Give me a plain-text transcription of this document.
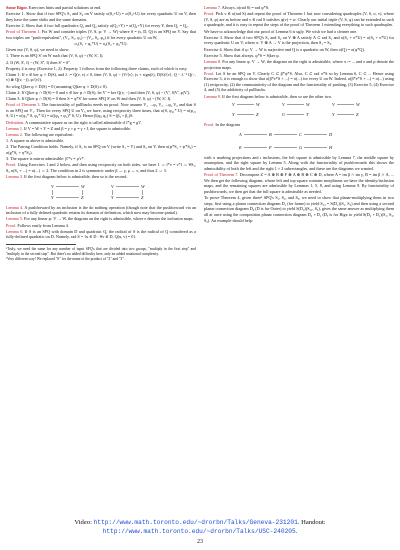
Some Rigor. Exercises hints and partial solutions at end.
Exercise 1. Show that if two SPQ's S₁ and S₂ on V satisfy σ(S₁+U) = σ(S₂+U) for every quadratic U on V, then they have the same shifts and the same domains.
Exercise 2. Show that if two full quadratics Q₁ and Q₂ satisfy σ(Q₁+Y) = σ(Q₂+Y) for every Y, then Q₁ = Q₂.
Proof of Theorem 1. Fix W and consider triples (V, S, φ: V → W) where S = (s, D, Q) is an SPQ on V. Say that two triples are "push-equivalent", (V₁, S₁, φ₁) ~ (V₂, S₂, φ₂) if for every quadratic U on W,
σ₁(S₁ + φ₁*U) = σ₂(S₂ + φ₂*U).
Given our (V, S, φ), we need to show:
1. There is an SPQ S' on W such that (V, S, φ) ~ (W, S', I).
2. If (W, S', I) ~ (W, S'', I) then S' = S''.
Property 2 is easy (Exercise 1, 2). Property 1 follows from the following three claims, each of which is easy.
Claim 1: If v ∈ ker φ ∩ D(S), and λ := Q(v, v) ≠ 0, then (V, S, φ) ~ (V/⟨v⟩, (s + sign(λ), D(S)/⟨v⟩, Q − λ⁻¹ Q(−, v) ⊗ Q(v, −)), φ/⟨v⟩).
So wlog Q|ker φ ∩ D(S) = 0 (assuming Q|ker φ ∩ D(S) ≠ 0).
Claim 2: If Q|ker φ ∩ D(S) = 0 and v ∈ ker φ ∩ D(S), let V' = ker Q(v, −) and then (V, S, φ) ~ (V', S|V', φ|V').
Claim 3: If Q|ker φ ∩ D(S) = 0 then S = φ*S' for some SPQ S' on W and then (V, S, φ) ~ (W, S', I).
Proof of Theorem 3. The functoriality of pullbacks needs no proof. Now assume V₁ →φ₁ V₂ →φ₂ V₃ and that S is an SPQ on V₁. Then for every SPQ U on V₃ we have, using reciprocity three times, that σ(S, φ₂₁* U) = σ(φ₂₁ S, U) = σ(φ₁* S, φ₂* U) = σ((φ₂ ∘ φ₁)* S, U). Hence β(φ₂ φ₁) S = (β₂ ∘ β₁)S.
Definition. A commutative square as on the right is called admissible if f*g = g'f'.
Lemma 1. If V = W + Y = Z and β = γ ∘ μ = γ ∘ I, the square is admissible.
Lemma 2. The following are equivalent:
1. A square as above is admissible.
2. The Pairing Condition holds. Namely, if S₁ is an SPQ on V (write S₁ = V) and S₂ on Y, then σ(φ*S₁ + ψ*S₂) = σ(g*S₁ + η*S₂).
3. The square is mirror admissible: β'*ν = μ'ν*.
Proof. Using Exercises 1 and 2 below, and then using reciprocity on both sides, we have 1 ⇔ f*ν = ν*f ⇔ ∀S₁, S₂ σ(S₁ + ...) = σ(...) ⇔ 2. The condition in 2 is symmetric under β ↔ γ, μ ↔ ν, and thus 2 ⇔ 3.
Lemma 3. If the first diagram below is admissible, then so is the second.
V	W
Y	Z
V	W
Y	Z
Lemma 4. A pushforward by an inclusion is the do nothing operation (though note that the pushforward via an inclusion of a fully defined quadratic retains its domain of definition, which now may become partial).
Lemma 5. For any linear φ: V → W, the diagram on the right is admissible, where e denotes the inclusion maps.
Proof. Follows easily from Lemma 4.
Lemma 6. If S is an SPQ with domain D and quadratic Q, the radical of S is the radical of Q considered as a fully-defined quadratic on D. Namely, rad S = {u ∈ D : ∀v ∈ D, Q(u, v) = 0}.
¹Truly, we need the same for any number of input SPQ's that are divided into two groups, "multiply in the first step" and "multiply in the second step". But there's no added difficulty here, only an added notational complexity.
²Very different way! We replaced "6" for the name of the product of "2" and "3".
Lemma 7. Always, σ(rad S) = rad φ*S.
Proof. Pick v ∈ σ(rad S) and repeat the proof of Theorem 1 but now considering quadruples (V, S, σ, v), where (V, S, φ) are as before and v ∈ rad S satisfies φ(v) = w. Clearly our initial triple (V, S, φ) can be extended to such a quadruple, and it is easy to repeat the steps of the proof of Theorem 1 extending everything to such quadruples.
We have to acknowledge that our proof of Lemma 6 is ugly. We wish we had a cleaner one.
Exercise 3. Show that if two SPQ's S₁ and S₂ on V ⊕ A satisfy A ⊂ rad S₁ and σ(S₁ + π*U) = σ(S₂ + π*U) for every quadratic U on V, where π: V ⊕ A → V is the projection, then S₁ = S₂.
Exercise 4. Show that if φ: V → W is surjective and Q is a quadratic on W, then σ(Q) = σ(φ*Q).
Exercise 5. Show that always, φ*S = S|ker φ.
Lemma 8. For any linear φ: V → W, the diagram on the right is admissible, where π := ... and e and p denote the projection maps.
Proof. Let S be an SPQ on V. Clearly C ⊂ β*ψ*S. Also, C ⊂ rad π*S so by Lemma 6, C ⊂ ... Hence using Exercise 3, it is enough to show that σ(β*e*S + ...) = σ(...) for every U on W. Indeed, σ(β*e*S + ...) = σ(...) using (1) reciprocity, (2) the commutativity of the diagram and the functoriality of pushing, (3) Exercise 5, (4) Exercise 4, and (5) the additivity of pullbacks.
Lemma 9. If the first diagram below is admissible, then so are the other two.
V	W
Y	Z
V	W
U	T
V	W
Y	Z
Proof. In the diagram
A	B	C	D
E	F	G	H
with π marking projections and ι inclusions, the left square is admissible by Lemma 7, the middle square by assumption, and the right square by Lemma 5. Along with the functoriality of pushforwards this shows the admissibility of both the left and the right 1 × 2 subrectangles, and these are the diagrams we wanted.
Proof of Theorem 7. Decompose Z = A ⊕ B ⊕ F ⊕ A ⊕ B ⊕ C ⊕ D, where A = im β ∩ im γ, B = im β ∩ A, ... We then get the following diagram, whose left and top square contains morphisms we have the identity/inclusion maps, and the remaining squares are admissible by Lemmas 1, 5, 8, and using Lemma 9. By functoriality of pushforwards, we then get that the full square is admissible as needed.
To prove Theorem 4, given three¹ SPQ's S₁, S₂, and S₃, we need to show that planar-multiplying them in two steps, first using a planar connection diagram D₁ (for home) to yield S₁₂ = S(D₁)(S₁, S₂) and then using a second planar connection diagram D₂ (D is for Outer) to yield S(D₂)(S₁₂, S₃), gives the same answer as multiplying them all at once using the composition planar connection diagram D₂ ∘ D₁ (Dₓ is for Bigx to yield S(D₂ ∘ D₁)(S₁, S₂, S₃). An example should help:
Video: http://www.math.toronto.edu/~drorbn/Talks/Geneva-231201. Handout:
http://www.math.toronto.edu/~drorbn/Talks/USC-240205.
23
